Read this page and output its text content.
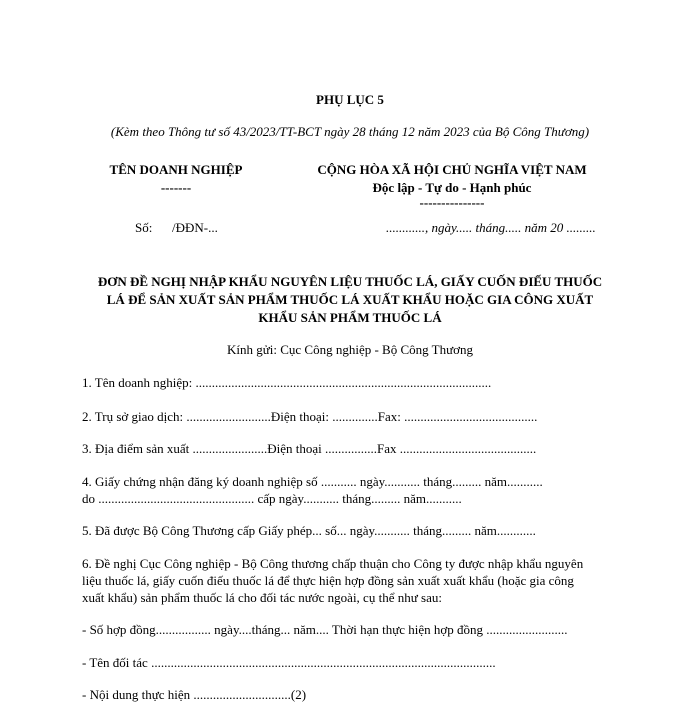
PHỤ LỤC 5
(Kèm theo Thông tư số 43/2023/TT-BCT ngày 28 tháng 12 năm 2023 của Bộ Công Thương)
TÊN DOANH NGHIỆP
-------
CỘNG HÒA XÃ HỘI CHỦ NGHĨA VIỆT NAM
Độc lập - Tự do - Hạnh phúc
---------------
Số: /ĐĐN-...	............, ngày..... tháng..... năm 20 .........
ĐƠN ĐỀ NGHỊ NHẬP KHẨU NGUYÊN LIỆU THUỐC LÁ, GIẤY CUỐN ĐIẾU THUỐC
LÁ ĐỂ SẢN XUẤT SẢN PHẨM THUỐC LÁ XUẤT KHẨU HOẶC GIA CÔNG XUẤT
KHẨU SẢN PHẨM THUỐC LÁ
Kính gửi: Cục Công nghiệp - Bộ Công Thương
1. Tên doanh nghiệp: ...........................................................................................
2. Trụ sở giao dịch: ..........................Điện thoại: ..............Fax: .........................................
3. Địa điểm sản xuất .......................Điện thoại ................Fax ..........................................
4. Giấy chứng nhận đăng ký doanh nghiệp số ........... ngày........... tháng......... năm...........
do ................................................ cấp ngày........... tháng......... năm...........
5. Đã được Bộ Công Thương cấp Giấy phép... số... ngày........... tháng......... năm............
6. Đề nghị Cục Công nghiệp - Bộ Công thương chấp thuận cho Công ty được nhập khẩu nguyên
liệu thuốc lá, giấy cuốn điếu thuốc lá để thực hiện hợp đồng sản xuất xuất khẩu (hoặc gia công
xuất khẩu) sản phẩm thuốc lá cho đối tác nước ngoài, cụ thể như sau:
- Số hợp đồng................. ngày....tháng... năm.... Thời hạn thực hiện hợp đồng .........................
- Tên đối tác ..........................................................................................................
- Nội dung thực hiện ..............................(2)
